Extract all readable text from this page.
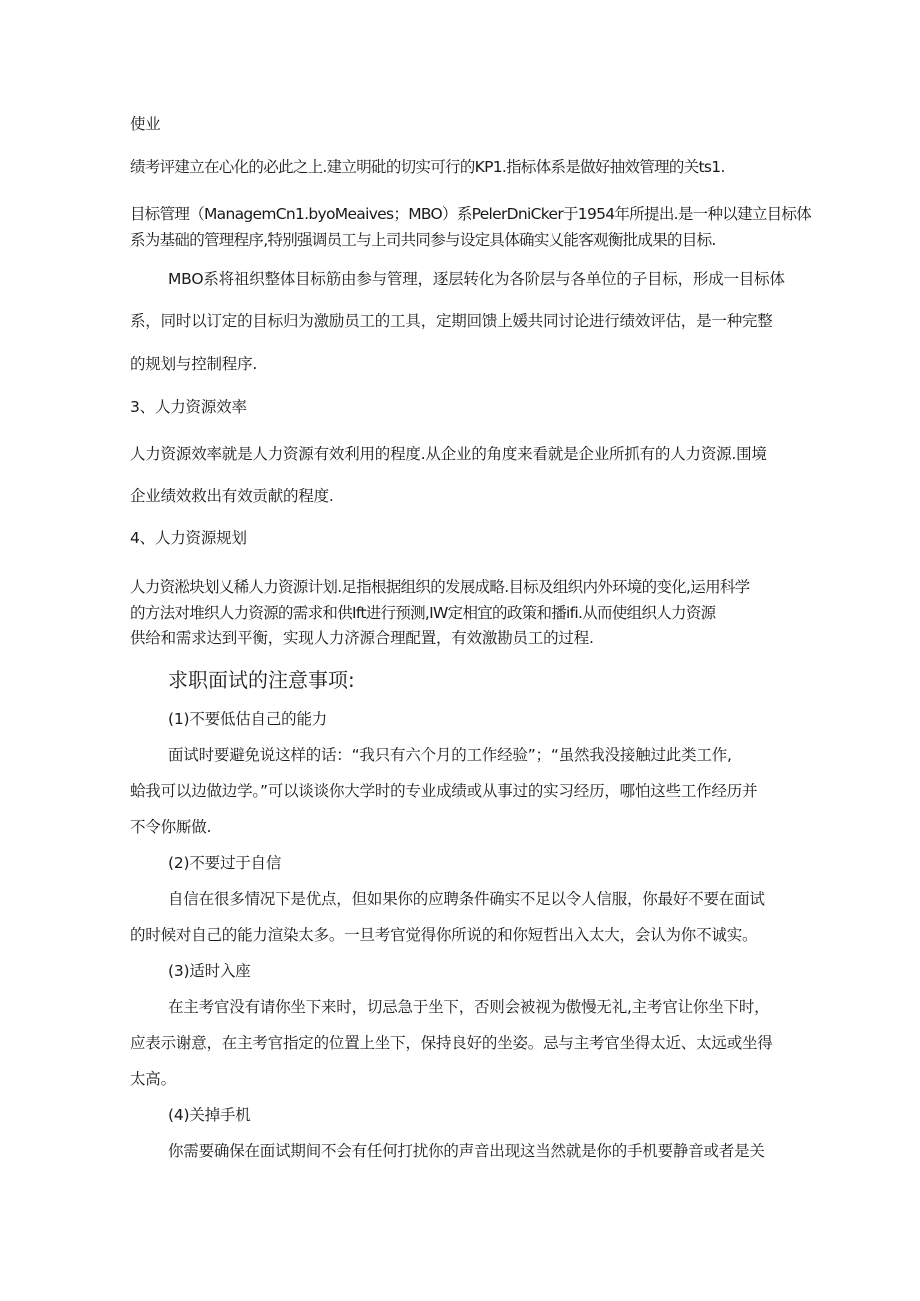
使业
绩考评建立在心化的必此之上.建立明砒的切实可行的KP1.指标体系是做好抽效管理的关ts1.
目标管理（ManagemCn1.byoMeaives；MBO）系PelerDniCker于1954年所提出.是一种以建立目标体
系为基础的管理程序,特别强调员工与上司共同参与设定具体确实乂能客观衡批成果的目标.
MBO系将祖织整体目标筋由参与管理，逐层转化为各阶层与各单位的子目标，形成一目标体
系，同时以订定的目标归为激励员工的工具，定期回馈上媛共同讨论进行绩效评估，是一种完整
的规划与控制程序.
3、人力资源效率
人力资源效率就是人力资源有效利用的程度.从企业的角度来看就是企业所抓有的人力资源.围境
企业绩效救出有效贡献的程度.
4、人力资源规划
人力资淞块划乂稀人力资源计划.足指根据组织的发展成略.目标及组织内外环境的变化,运用科学
的方法对堆织人力资源的需求和供Ift进行预测,IW定相宜的政策和播ifi.从而使组织人力资源
供给和需求达到平衡，实现人力济源合理配置，有效激勘员工的过程.
求职面试的注意事项:
(1)不要低估自己的能力
面试时要避免说这样的话：“我只有六个月的工作经验”；“虽然我没接触过此类工作,
蛤我可以边做边学。”可以谈谈你大学时的专业成绩或从事过的实习经历，哪怕这些工作经历并
不令你厮做.
(2)不要过于自信
自信在很多情况下是优点，但如果你的应聘条件确实不足以令人信服，你最好不要在面试
的时候对自己的能力渲染太多。一旦考官觉得你所说的和你短哲出入太大，会认为你不诚实。
(3)适时入座
在主考官没有请你坐下来时，切忌急于坐下，否则会被视为傲慢无礼,主考官让你坐下时，
应表示谢意，在主考官指定的位置上坐下，保持良好的坐姿。忌与主考官坐得太近、太远或坐得
太高。
(4)关掉手机
你需要确保在面试期间不会有任何打扰你的声音出现这当然就是你的手机要静音或者是关
